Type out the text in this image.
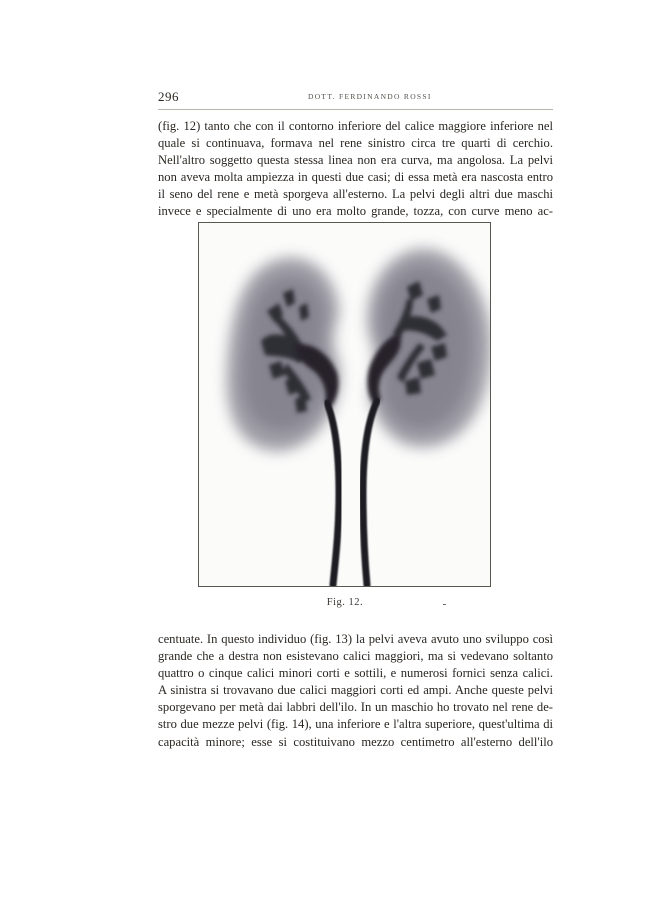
296	DOTT. FERDINANDO ROSSI
(fig. 12) tanto che con il contorno inferiore del calice maggiore inferiore nel
quale si continuava, formava nel rene sinistro circa tre quarti di cerchio.
Nell'altro soggetto questa stessa linea non era curva, ma angolosa. La pelvi
non aveva molta ampiezza in questi due casi; di essa metà era nascosta entro
il seno del rene e metà sporgeva all'esterno. La pelvi degli altri due maschi
invece e specialmente di uno era molto grande, tozza, con curve meno ac-
Fig. 12.
centuate. In questo individuo (fig. 13) la pelvi aveva avuto uno sviluppo così
grande che a destra non esistevano calici maggiori, ma si vedevano soltanto
quattro o cinque calici minori corti e sottili, e numerosi fornici senza calici.
A sinistra si trovavano due calici maggiori corti ed ampi. Anche queste pelvi
sporgevano per metà dai labbri dell'ilo. In un maschio ho trovato nel rene de-
stro due mezze pelvi (fig. 14), una inferiore e l'altra superiore, quest'ultima di
capacità minore; esse si costituivano mezzo centimetro all'esterno dell'ilo
